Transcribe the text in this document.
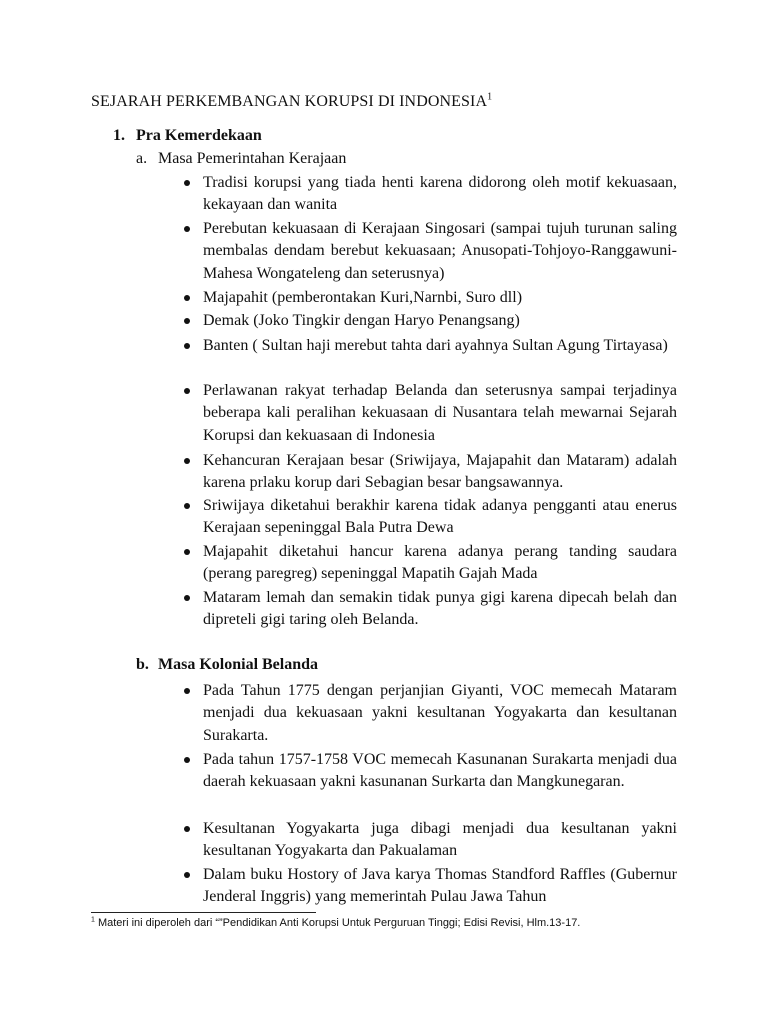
SEJARAH PERKEMBANGAN KORUPSI DI INDONESIA$^1$
1. Pra Kemerdekaan
a. Masa Pemerintahan Kerajaan
Tradisi korupsi yang tiada henti karena didorong oleh motif kekuasaan, kekayaan dan wanita
Perebutan kekuasaan di Kerajaan Singosari (sampai tujuh turunan saling membalas dendam berebut kekuasaan; Anusopati-Tohjoyo-Ranggawuni-Mahesa Wongateleng dan seterusnya)
Majapahit (pemberontakan Kuri,Narnbi, Suro dll)
Demak (Joko Tingkir dengan Haryo Penangsang)
Banten ( Sultan haji merebut tahta dari ayahnya Sultan Agung Tirtayasa)
Perlawanan rakyat terhadap Belanda dan seterusnya sampai terjadinya beberapa kali peralihan kekuasaan di Nusantara telah mewarnai Sejarah Korupsi dan kekuasaan di Indonesia
Kehancuran Kerajaan besar (Sriwijaya, Majapahit dan Mataram) adalah karena prlaku korup dari Sebagian besar bangsawannya.
Sriwijaya diketahui berakhir karena tidak adanya pengganti atau enerus Kerajaan sepeninggal Bala Putra Dewa
Majapahit diketahui hancur karena adanya perang tanding saudara (perang paregreg) sepeninggal Mapatih Gajah Mada
Mataram lemah dan semakin tidak punya gigi karena dipecah belah dan dipreteli gigi taring oleh Belanda.
b. Masa Kolonial Belanda
Pada Tahun 1775 dengan perjanjian Giyanti, VOC memecah Mataram menjadi dua kekuasaan yakni kesultanan Yogyakarta dan kesultanan Surakarta.
Pada tahun 1757-1758 VOC memecah Kasunanan Surakarta menjadi dua daerah kekuasaan yakni kasunanan Surkarta dan Mangkunegaran.
Kesultanan Yogyakarta juga dibagi menjadi dua kesultanan yakni kesultanan Yogyakarta dan Pakualaman
Dalam buku Hostory of Java karya Thomas Standford Raffles (Gubernur Jenderal Inggris) yang memerintah Pulau Jawa Tahun
$^1$ Materi ini diperoleh dari “”Pendidikan Anti Korupsi Untuk Perguruan Tinggi; Edisi Revisi, Hlm.13-17.
